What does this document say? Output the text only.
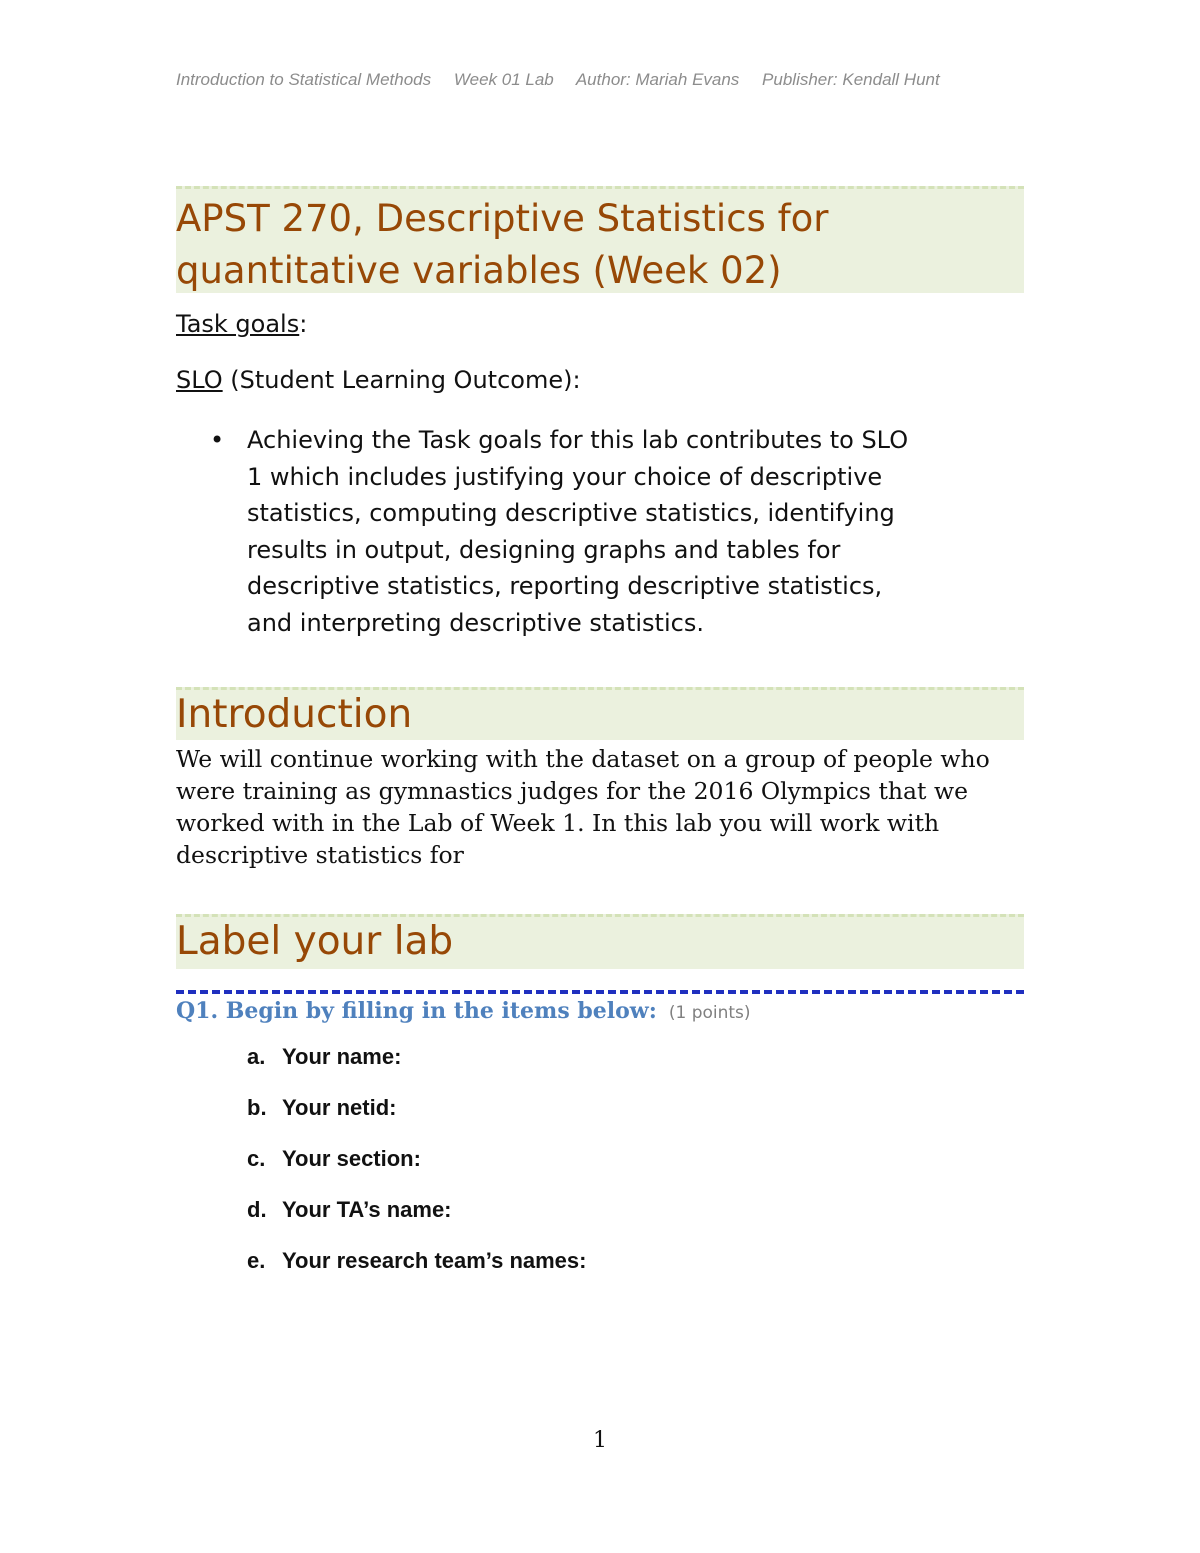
Introduction to Statistical Methods Week 01 Lab Author: Mariah Evans Publisher: Kendall Hunt
APST 270, Descriptive Statistics for
quantitative variables (Week 02)
Task goals:
SLO (Student Learning Outcome):
• Achieving the Task goals for this lab contributes to SLO
1 which includes justifying your choice of descriptive
statistics, computing descriptive statistics, identifying
results in output, designing graphs and tables for
descriptive statistics, reporting descriptive statistics,
and interpreting descriptive statistics.
Introduction
We will continue working with the dataset on a group of people who
were training as gymnastics judges for the 2016 Olympics that we
worked with in the Lab of Week 1. In this lab you will work with
descriptive statistics for
Label your lab
Q1. Begin by filling in the items below: (1 points)
a. Your name:
b. Your netid:
c. Your section:
d. Your TA’s name:
e. Your research team’s names:
1
